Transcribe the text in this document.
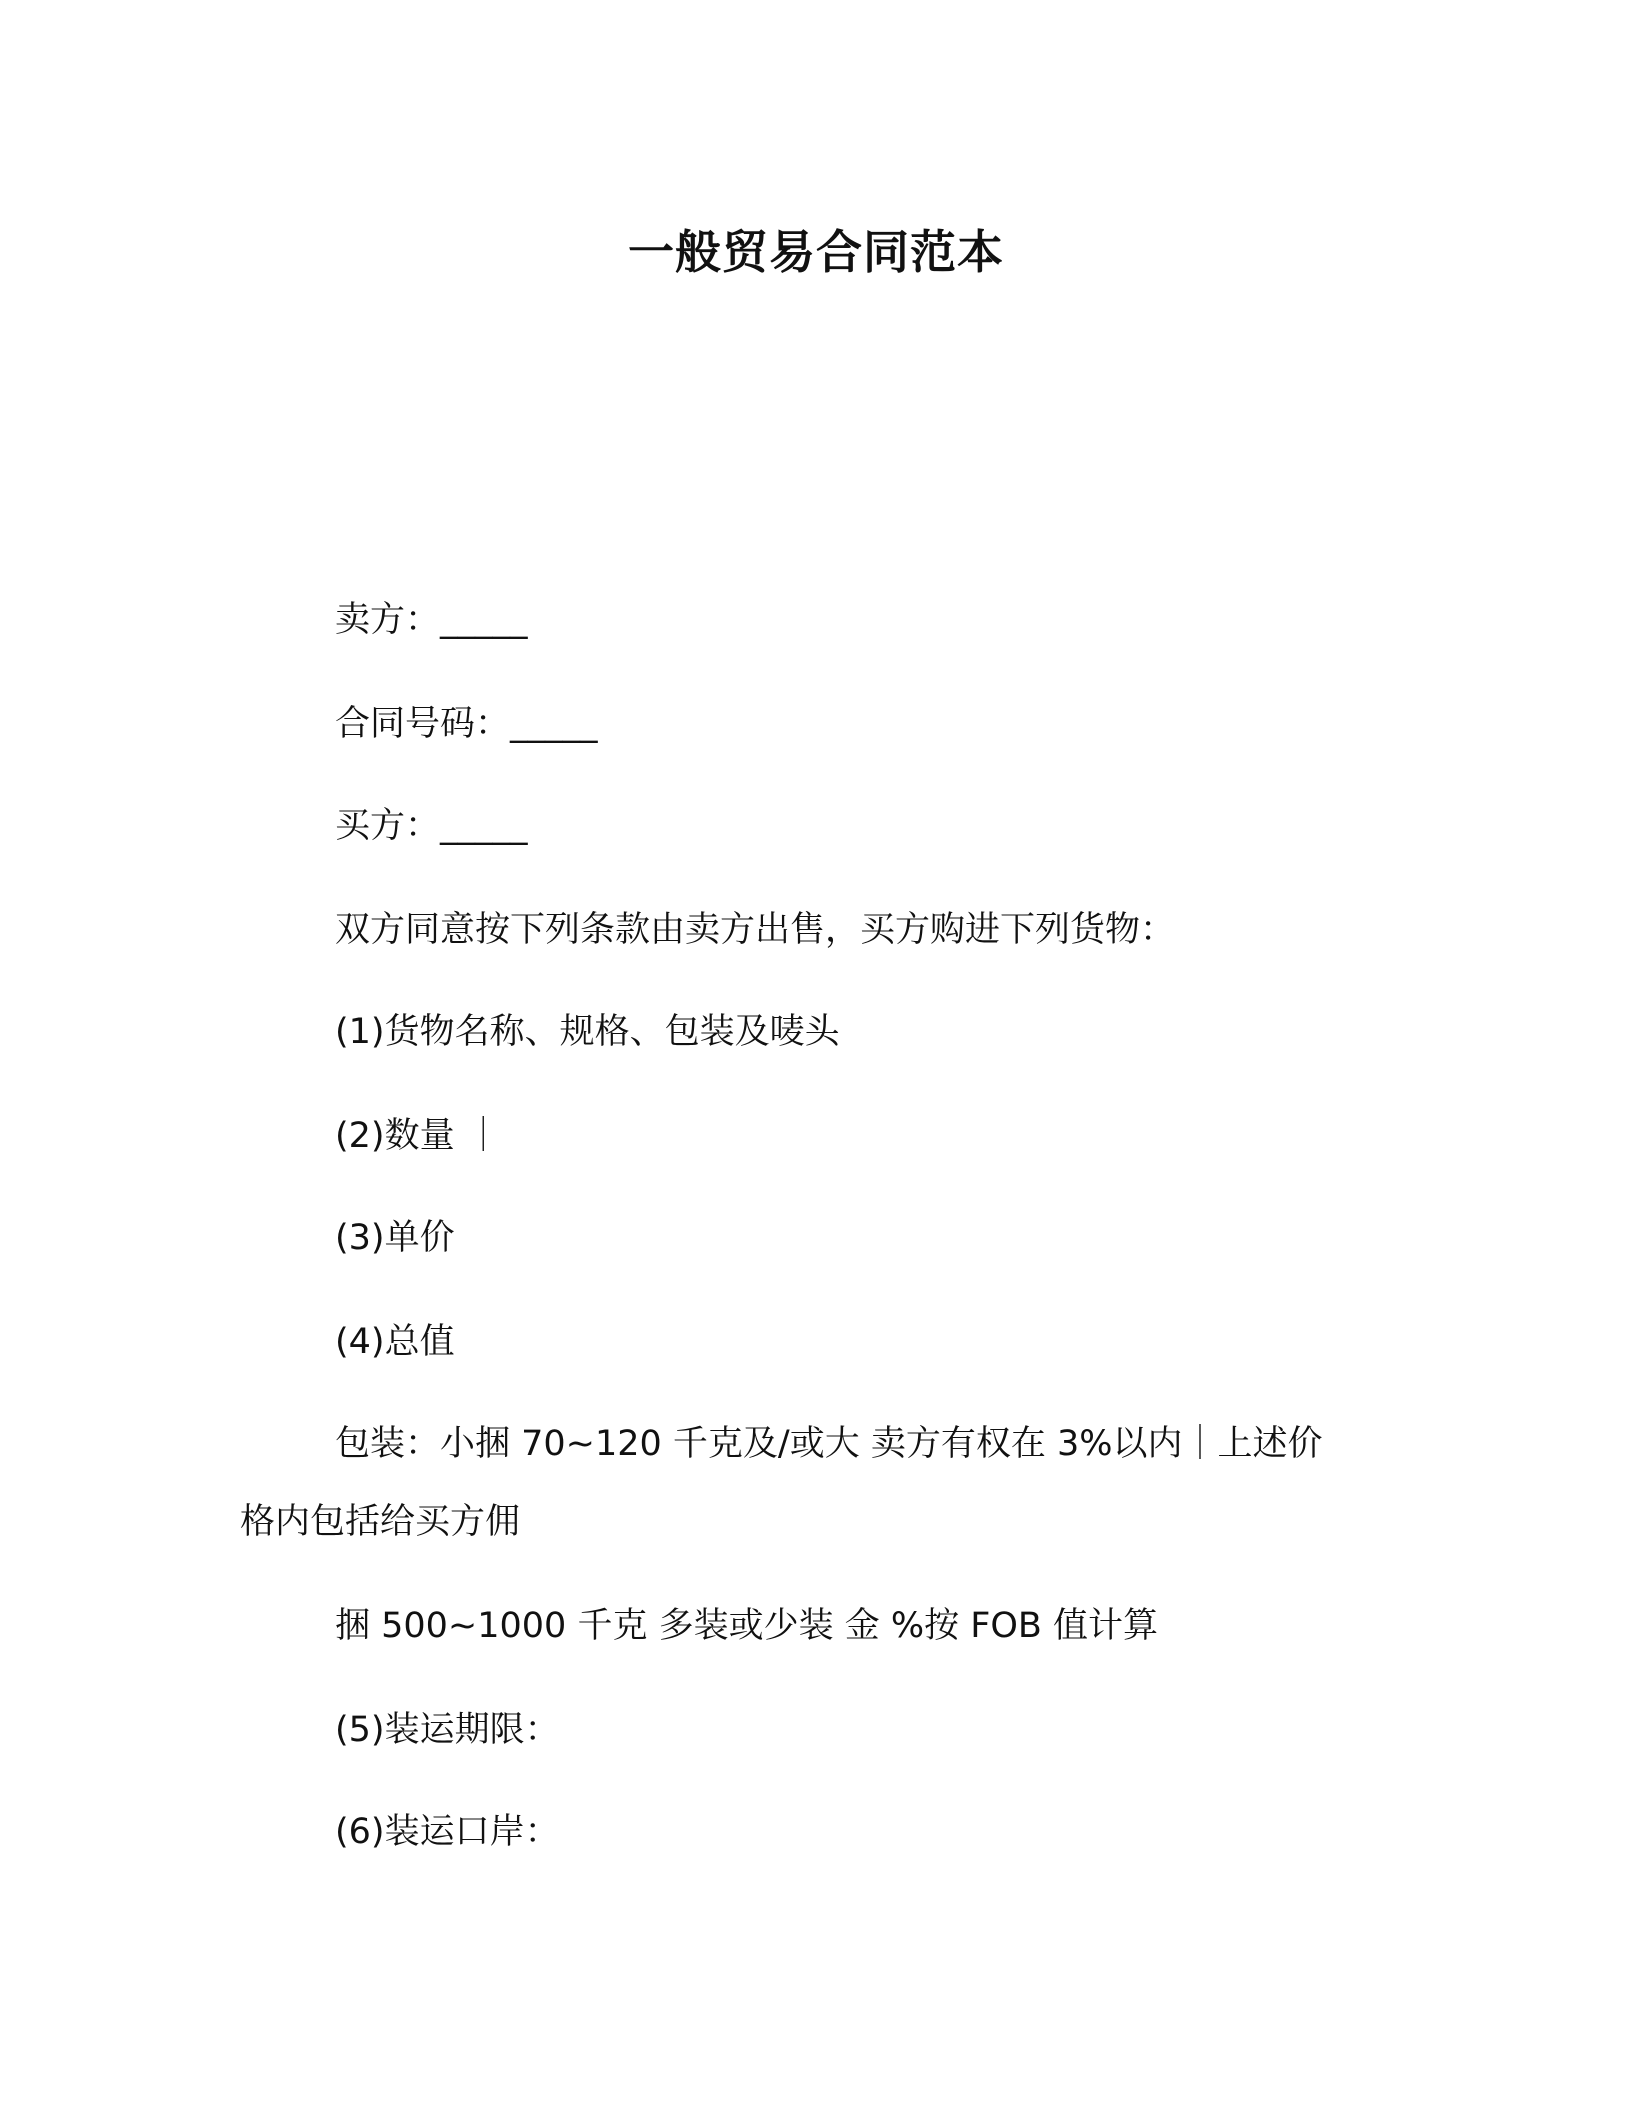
一般贸易合同范本
卖方：_____
合同号码：_____
买方：_____
双方同意按下列条款由卖方出售，买方购进下列货物：
(1)货物名称、规格、包装及唛头
(2)数量 ｜
(3)单价
(4)总值
包装：小捆 70~120 千克及/或大 卖方有权在 3%以内｜上述价
格内包括给买方佣
捆 500~1000 千克 多装或少装 金 %按 FOB 值计算
(5)装运期限：
(6)装运口岸：
